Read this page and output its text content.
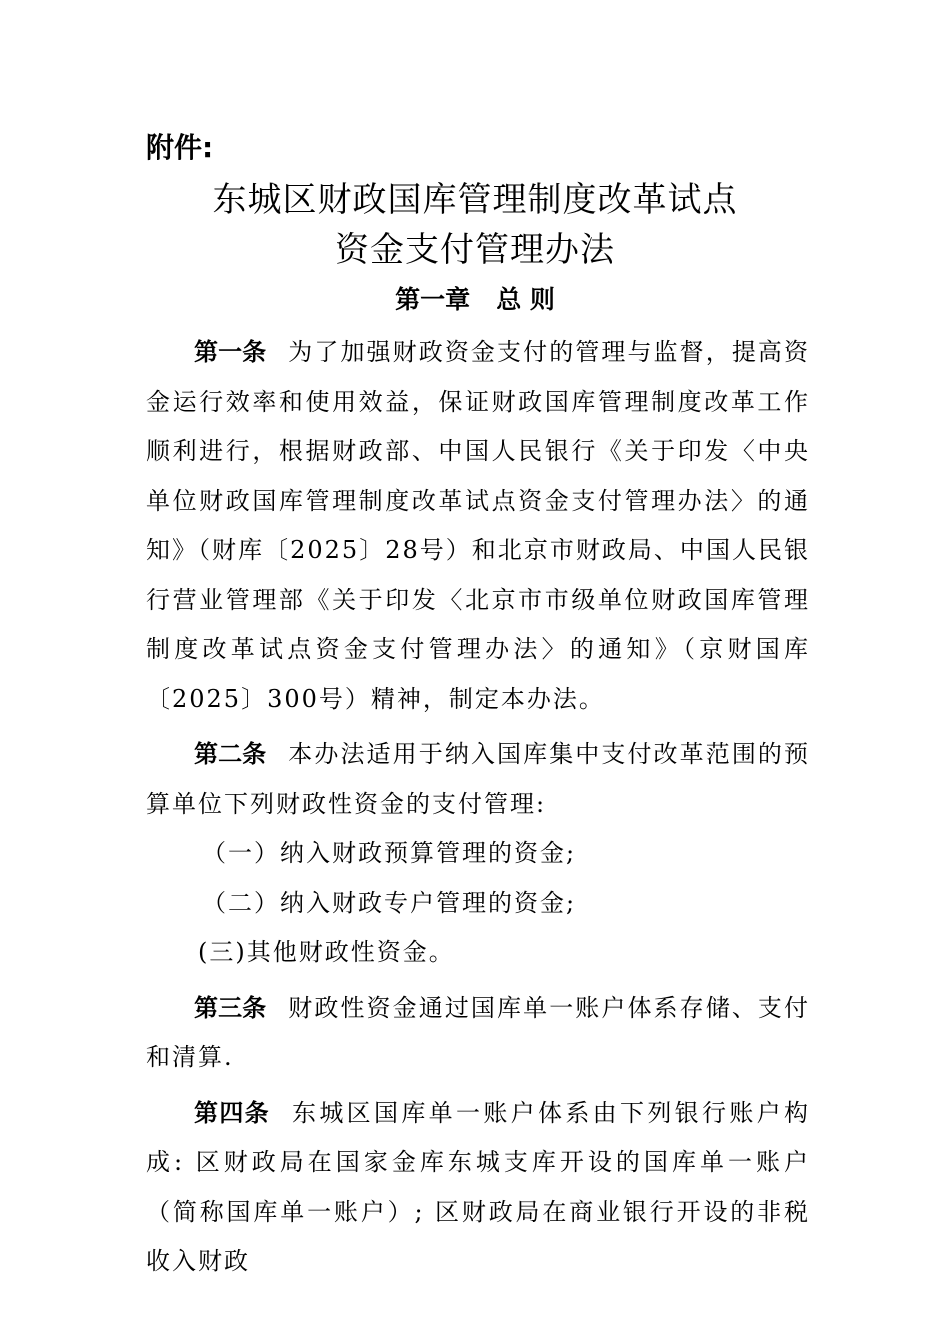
附件:
东城区财政国库管理制度改革试点
资金支付管理办法
第一章   总 则

第一条 为了加强财政资金支付的管理与监督，提高资金运行效率和使用效益，保证财政国库管理制度改革工作顺利进行，根据财政部、中国人民银行《关于印发〈中央单位财政国库管理制度改革试点资金支付管理办法〉的通知》（财库〔2025〕28号）和北京市财政局、中国人民银行营业管理部《关于印发〈北京市市级单位财政国库管理制度改革试点资金支付管理办法〉的通知》（京财国库〔2025〕300号）精神，制定本办法。

第二条 本办法适用于纳入国库集中支付改革范围的预算单位下列财政性资金的支付管理:

（一）纳入财政预算管理的资金;

（二）纳入财政专户管理的资金;

(三)其他财政性资金。

第三条 财政性资金通过国库单一账户体系存储、支付和清算.

第四条 东城区国库单一账户体系由下列银行账户构成: 区财政局在国家金库东城支库开设的国库单一账户（简称国库单一账户）; 区财政局在商业银行开设的非税收入财政
